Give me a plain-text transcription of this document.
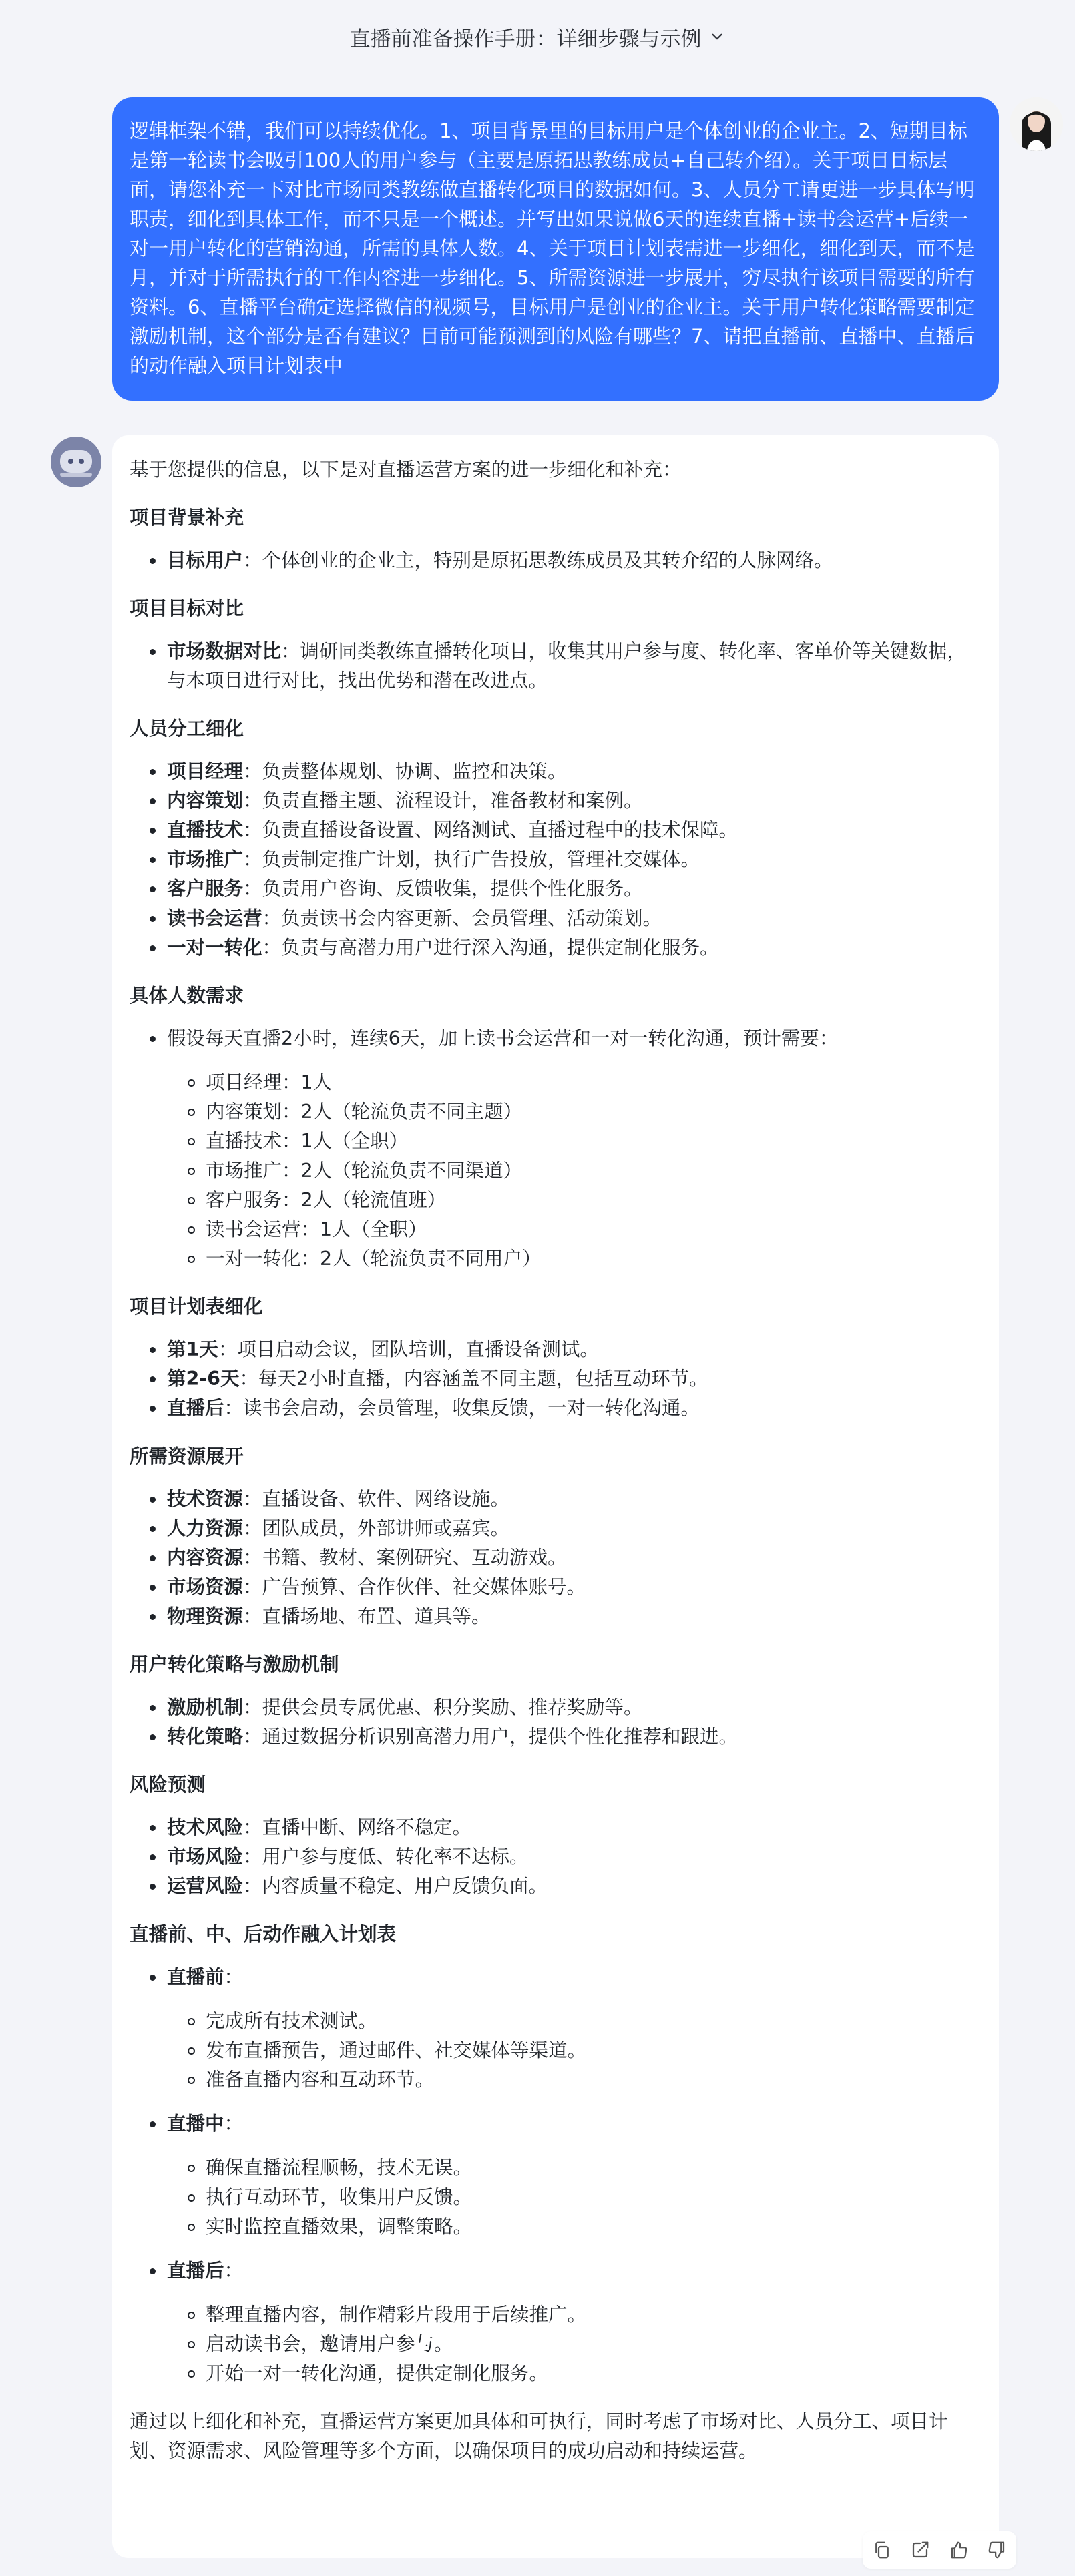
直播前准备操作手册：详细步骤与示例
逻辑框架不错，我们可以持续优化。1、项目背景里的目标用户是个体创业的企业主。2、短期目标是第一轮读书会吸引100人的用户参与（主要是原拓思教练成员+自己转介绍）。关于项目目标层面，请您补充一下对比市场同类教练做直播转化项目的数据如何。3、人员分工请更进一步具体写明职责，细化到具体工作，而不只是一个概述。并写出如果说做6天的连续直播+读书会运营+后续一对一用户转化的营销沟通，所需的具体人数。4、关于项目计划表需进一步细化，细化到天，而不是月，并对于所需执行的工作内容进一步细化。5、所需资源进一步展开，穷尽执行该项目需要的所有资料。6、直播平台确定选择微信的视频号，目标用户是创业的企业主。关于用户转化策略需要制定激励机制，这个部分是否有建议？目前可能预测到的风险有哪些？7、请把直播前、直播中、直播后的动作融入项目计划表中

基于您提供的信息，以下是对直播运营方案的进一步细化和补充：

项目背景补充

目标用户：个体创业的企业主，特别是原拓思教练成员及其转介绍的人脉网络。

项目目标对比

市场数据对比：调研同类教练直播转化项目，收集其用户参与度、转化率、客单价等关键数据，与本项目进行对比，找出优势和潜在改进点。

人员分工细化

项目经理：负责整体规划、协调、监控和决策。
内容策划：负责直播主题、流程设计，准备教材和案例。
直播技术：负责直播设备设置、网络测试、直播过程中的技术保障。
市场推广：负责制定推广计划，执行广告投放，管理社交媒体。
客户服务：负责用户咨询、反馈收集，提供个性化服务。
读书会运营：负责读书会内容更新、会员管理、活动策划。
一对一转化：负责与高潜力用户进行深入沟通，提供定制化服务。

具体人数需求

假设每天直播2小时，连续6天，加上读书会运营和一对一转化沟通，预计需要：
项目经理：1人
内容策划：2人（轮流负责不同主题）
直播技术：1人（全职）
市场推广：2人（轮流负责不同渠道）
客户服务：2人（轮流值班）
读书会运营：1人（全职）
一对一转化：2人（轮流负责不同用户）

项目计划表细化

第1天：项目启动会议，团队培训，直播设备测试。
第2-6天：每天2小时直播，内容涵盖不同主题，包括互动环节。
直播后：读书会启动，会员管理，收集反馈，一对一转化沟通。

所需资源展开

技术资源：直播设备、软件、网络设施。
人力资源：团队成员，外部讲师或嘉宾。
内容资源：书籍、教材、案例研究、互动游戏。
市场资源：广告预算、合作伙伴、社交媒体账号。
物理资源：直播场地、布置、道具等。

用户转化策略与激励机制

激励机制：提供会员专属优惠、积分奖励、推荐奖励等。
转化策略：通过数据分析识别高潜力用户，提供个性化推荐和跟进。

风险预测

技术风险：直播中断、网络不稳定。
市场风险：用户参与度低、转化率不达标。
运营风险：内容质量不稳定、用户反馈负面。

直播前、中、后动作融入计划表

直播前：
完成所有技术测试。
发布直播预告，通过邮件、社交媒体等渠道。
准备直播内容和互动环节。
直播中：
确保直播流程顺畅，技术无误。
执行互动环节，收集用户反馈。
实时监控直播效果，调整策略。
直播后：
整理直播内容，制作精彩片段用于后续推广。
启动读书会，邀请用户参与。
开始一对一转化沟通，提供定制化服务。

通过以上细化和补充，直播运营方案更加具体和可执行，同时考虑了市场对比、人员分工、项目计划、资源需求、风险管理等多个方面，以确保项目的成功启动和持续运营。
